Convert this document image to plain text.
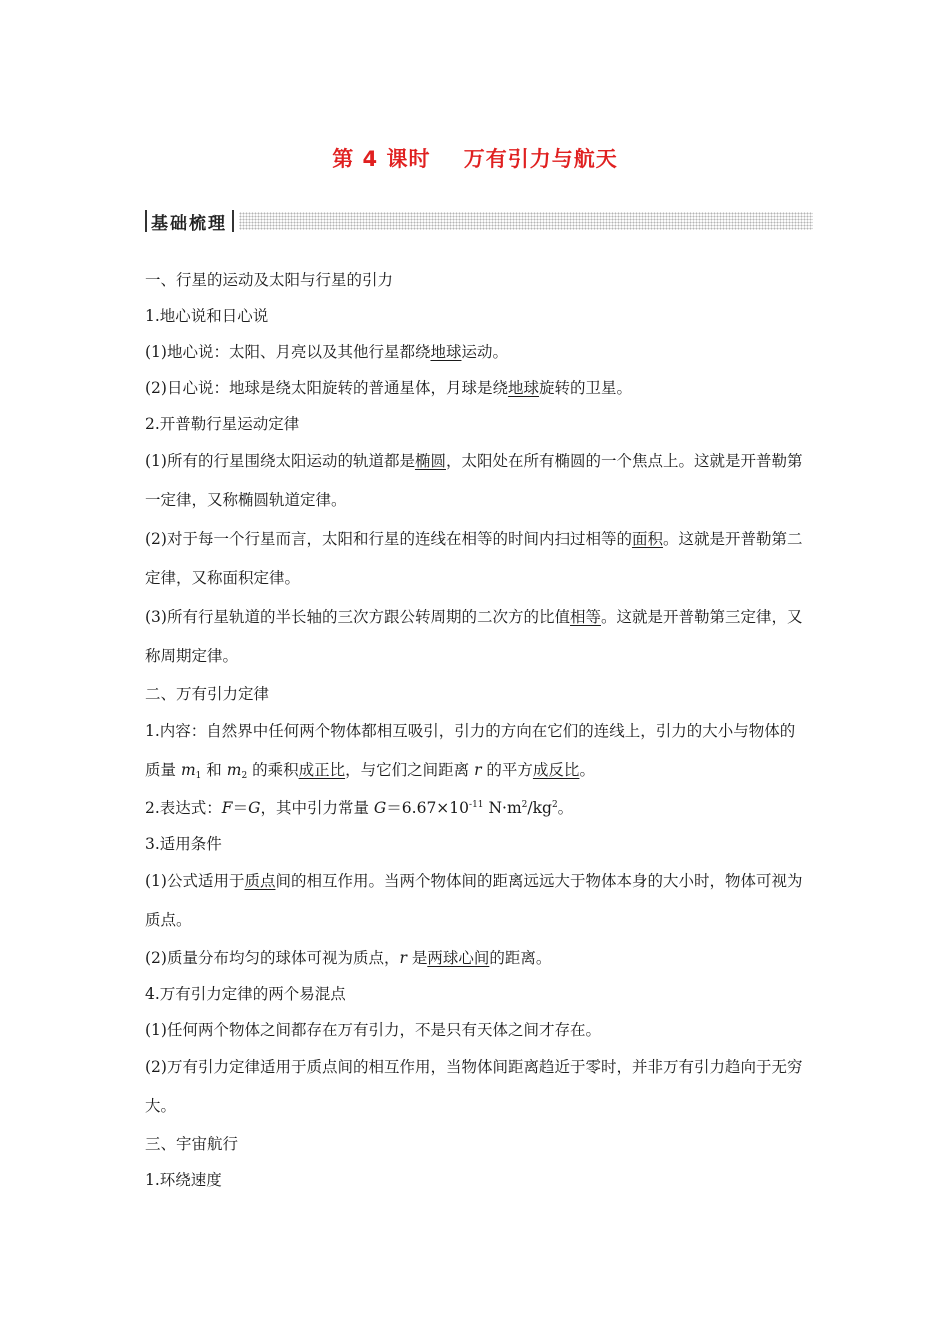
第 4 课时    万有引力与航天
基础梳理
一、行星的运动及太阳与行星的引力
1.地心说和日心说
(1)地心说：太阳、月亮以及其他行星都绕地球运动。
(2)日心说：地球是绕太阳旋转的普通星体，月球是绕地球旋转的卫星。
2.开普勒行星运动定律
(1)所有的行星围绕太阳运动的轨道都是椭圆，太阳处在所有椭圆的一个焦点上。这就是开普勒第一定律，又称椭圆轨道定律。
(2)对于每一个行星而言，太阳和行星的连线在相等的时间内扫过相等的面积。这就是开普勒第二定律，又称面积定律。
(3)所有行星轨道的半长轴的三次方跟公转周期的二次方的比值相等。这就是开普勒第三定律，又称周期定律。
二、万有引力定律
1.内容：自然界中任何两个物体都相互吸引，引力的方向在它们的连线上，引力的大小与物体的质量 $m_1$ 和 $m_2$ 的乘积成正比，与它们之间距离 r 的平方成反比。
2.表达式：F＝G，其中引力常量 $G=6.67\times 10^{-11}$ $N\cdot m^2/kg^2$。
3.适用条件
(1)公式适用于质点间的相互作用。当两个物体间的距离远远大于物体本身的大小时，物体可视为质点。
(2)质量分布均匀的球体可视为质点，r 是两球心间的距离。
4.万有引力定律的两个易混点
(1)任何两个物体之间都存在万有引力，不是只有天体之间才存在。
(2)万有引力定律适用于质点间的相互作用，当物体间距离趋近于零时，并非万有引力趋向于无穷大。
三、宇宙航行
1.环绕速度
